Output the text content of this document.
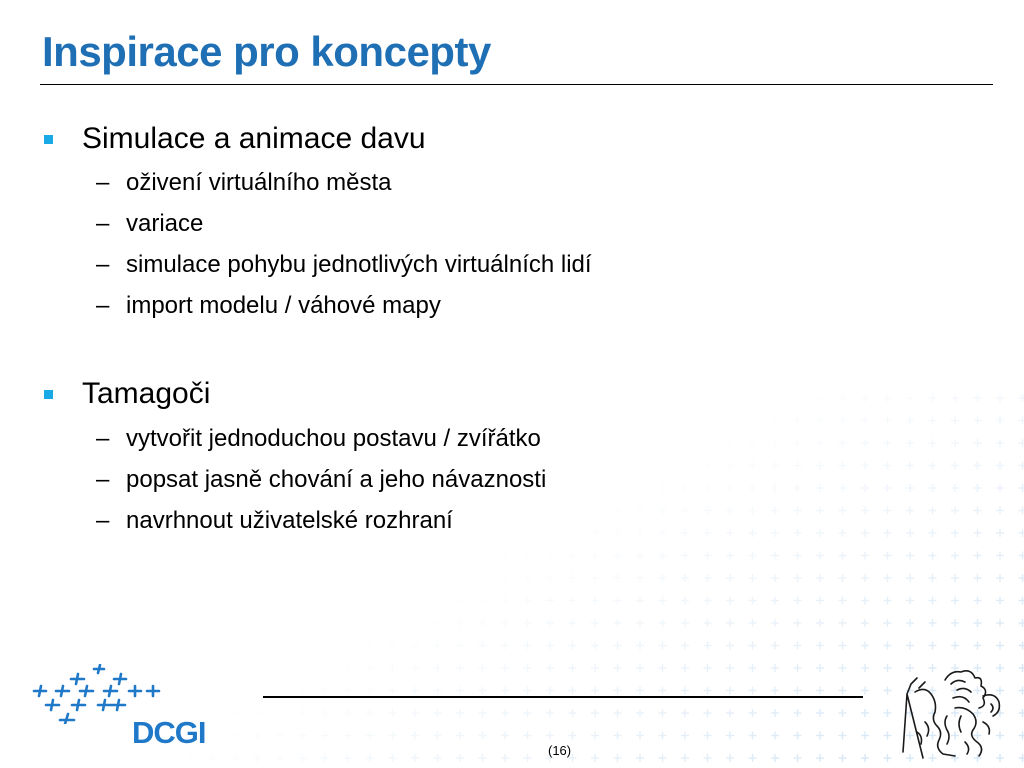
Inspirace pro koncepty
Simulace a animace davu
– oživení virtuálního města
– variace
– simulace pohybu jednotlivých virtuálních lidí
– import modelu / váhové mapy
Tamagoči
– vytvořit jednoduchou postavu / zvířátko
– popsat jasně chování a jeho návaznosti
– navrhnout uživatelské rozhraní
(16)
DCGI
